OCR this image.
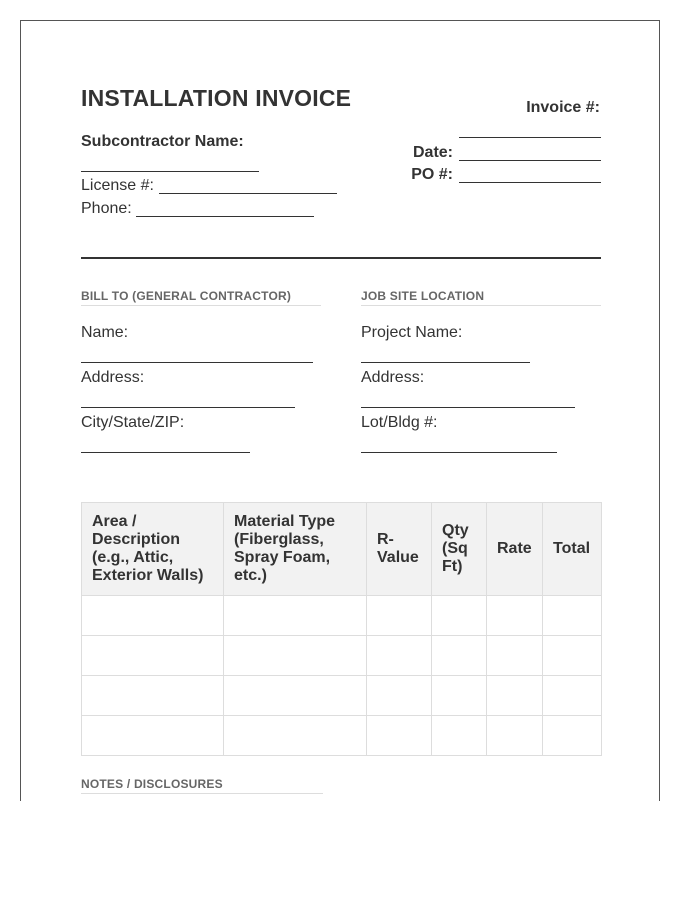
INSTALLATION INVOICE
Subcontractor Name:
License #:
Phone:
Invoice #:
Date:
PO #:
BILL TO (GENERAL CONTRACTOR)
Name:
Address:
City/State/ZIP:
JOB SITE LOCATION
Project Name:
Address:
Lot/Bldg #:
Area / Description (e.g., Attic, Exterior Walls)	Material Type (Fiberglass, Spray Foam, etc.)	R-Value	Qty (Sq Ft)	Rate	Total

NOTES / DISCLOSURES
